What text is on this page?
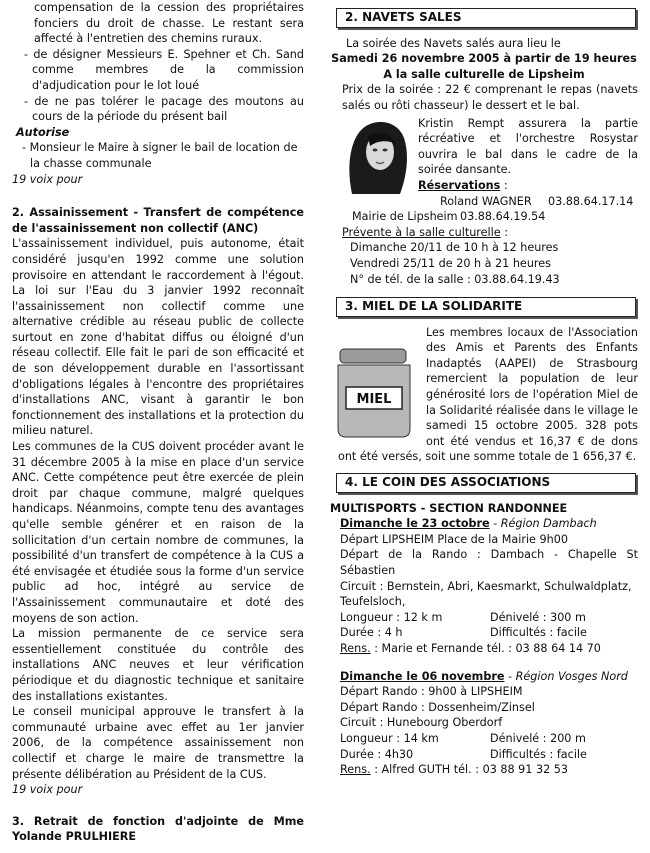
compensation de la cession des propriétaires fonciers du droit de chasse. Le restant sera affecté à l'entretien des chemins ruraux.

- de désigner Messieurs E. Spehner et Ch. Sand comme membres de la commission d'adjudication pour le lot loué

- de ne pas tolérer le pacage des moutons au cours de la période du présent bail

Autorise

- Monsieur le Maire à signer le bail de location de la chasse communale

19 voix pour

2. Assainissement - Transfert de compétence de l'assainissement non collectif (ANC)

L'assainissement individuel, puis autonome, était considéré jusqu'en 1992 comme une solution provisoire en attendant le raccordement à l'égout. La loi sur l'Eau du 3 janvier 1992 reconnaît l'assainissement non collectif comme une alternative crédible au réseau public de collecte surtout en zone d'habitat diffus ou éloigné d'un réseau collectif. Elle fait le pari de son efficacité et de son développement durable en l'assortissant d'obligations légales à l'encontre des propriétaires d'installations ANC, visant à garantir le bon fonctionnement des installations et la protection du milieu naturel.

Les communes de la CUS doivent procéder avant le 31 décembre 2005 à la mise en place d'un service ANC. Cette compétence peut être exercée de plein droit par chaque commune, malgré quelques handicaps. Néanmoins, compte tenu des avantages qu'elle semble générer et en raison de la sollicitation d'un certain nombre de communes, la possibilité d'un transfert de compétence à la CUS a été envisagée et étudiée sous la forme d'un service public ad hoc, intégré au service de l'Assainissement communautaire et doté des moyens de son action.

La mission permanente de ce service sera essentiellement constituée du contrôle des installations ANC neuves et leur vérification périodique et du diagnostic technique et sanitaire des installations existantes.

Le conseil municipal approuve le transfert à la communauté urbaine avec effet au 1er janvier 2006, de la compétence assainissement non collectif et charge le maire de transmettre la présente délibération au Président de la CUS.

19 voix pour

3. Retrait de fonction d'adjointe de Mme Yolande PRULHIERE

2. NAVETS SALES

La soirée des Navets salés aura lieu le

Samedi 26 novembre 2005 à partir de 19 heures

A la salle culturelle de Lipsheim

Prix de la soirée : 22 € comprenant le repas (navets salés ou rôti chasseur) le dessert et le bal.

Kristin Rempt assurera la partie récréative et l'orchestre Rosystar ouvrira le bal dans le cadre de la soirée dansante.

Réservations :

Roland WAGNER	03.88.64.17.14

Mairie de Lipsheim 03.88.64.19.54

Prévente à la salle culturelle :

Dimanche 20/11 de 10 h à 12 heures

Vendredi 25/11 de 20 h à 21 heures

N° de tél. de la salle : 03.88.64.19.43

3. MIEL DE LA SOLIDARITE
MIEL

Les membres locaux de l'Association des Amis et Parents des Enfants Inadaptés (AAPEI) de Strasbourg remercient la population de leur générosité lors de l'opération Miel de la Solidarité réalisée dans le village le samedi 15 octobre 2005. 328 pots ont été vendus et 16,37 € de dons ont été versés, soit une somme totale de 1 656,37 €.

4. LE COIN DES ASSOCIATIONS

MULTISPORTS - SECTION RANDONNEE

Dimanche le 23 octobre - Région Dambach

Départ LIPSHEIM Place de la Mairie 9h00

Départ de la Rando : Dambach - Chapelle St Sébastien

Circuit : Bernstein, Abri, Kaesmarkt, Schulwaldplatz, Teufelsloch,

Longueur : 12 k m	Dénivelé : 300 m

Durée : 4 h	Difficultés : facile

Rens. : Marie et Fernande tél. : 03 88 64 14 70

Dimanche le 06 novembre - Région Vosges Nord

Départ Rando : 9h00 à LIPSHEIM

Départ Rando : Dossenheim/Zinsel

Circuit : Hunebourg Oberdorf

Longueur : 14 km	Dénivelé : 200 m

Durée : 4h30	Difficultés : facile

Rens. : Alfred GUTH tél. : 03 88 91 32 53
